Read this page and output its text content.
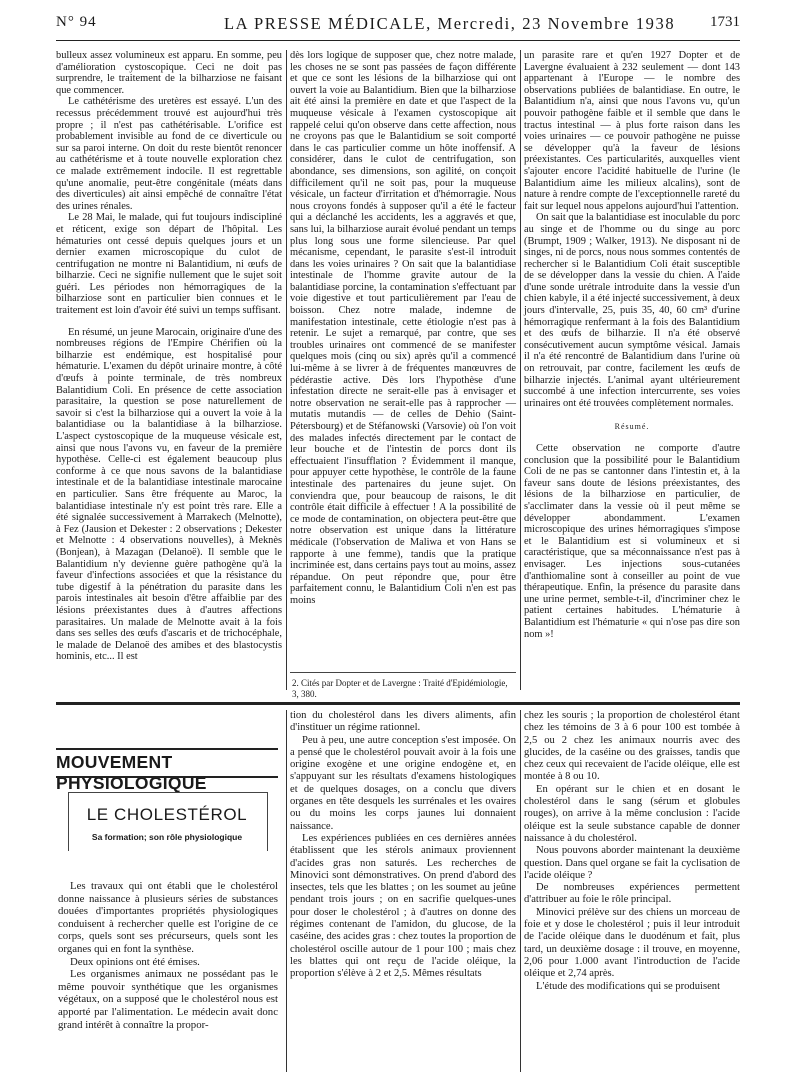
N° 94	LA PRESSE MÉDICALE, Mercredi, 23 Novembre 1938 1731

bulleux assez volumineux est apparu. En somme, peu d'amélioration cystoscopique. Ceci ne doit pas surprendre, le traitement de la bilharziose ne faisant que commencer.

Le cathétérisme des uretères est essayé. L'un des recessus précédemment trouvé est aujourd'hui très propre ; il n'est pas cathétérisable. L'orifice est probablement invisible au fond de ce diverticule ou sur sa paroi interne. On doit du reste bientôt renoncer au cathétérisme et à toute nouvelle exploration chez ce malade extrêmement indocile. Il est regrettable qu'une anomalie, peut-être congénitale (méats dans des diverticules) ait ainsi empêché de connaître l'état des urines rénales.

Le 28 Mai, le malade, qui fut toujours indiscipliné et réticent, exige son départ de l'hôpital. Les hématuries ont cessé depuis quelques jours et un dernier examen microscopique du culot de centrifugation ne montre ni Balantidium, ni œufs de bilharzie. Ceci ne signifie nullement que le sujet soit guéri. Les périodes non hémorragiques de la bilharziose sont en particulier bien connues et le traitement est loin d'avoir été suivi un temps suffisant.

En résumé, un jeune Marocain, originaire d'une des nombreuses régions de l'Empire Chérifien où la bilharzie est endémique, est hospitalisé pour hématurie. L'examen du dépôt urinaire montre, à côté d'œufs à pointe terminale, de très nombreux Balantidium Coli. En présence de cette association parasitaire, la question se pose naturellement de savoir si c'est la bilharziose qui a ouvert la voie à la balantidiase ou la balantidiase à la bilharziose. L'aspect cystoscopique de la muqueuse vésicale est, ainsi que nous l'avons vu, en faveur de la première hypothèse. Celle-ci est également beaucoup plus conforme à ce que nous savons de la balantidiase intestinale et de la balantidiase intestinale marocaine en particulier. Sans être fréquente au Maroc, la balantidiase intestinale n'y est point très rare. Elle a été signalée successivement à Marrakech (Melnotte), à Fez (Jausion et Dekester : 2 observations ; Dekester et Melnotte : 4 observations nouvelles), à Meknès (Bonjean), à Mazagan (Delanoë). Il semble que le Balantidium n'y devienne guère pathogène qu'à la faveur d'infections associées et que la résistance du tube digestif à la pénétration du parasite dans les parois intestinales ait besoin d'être affaiblie par des lésions préexistantes dues à d'autres affections parasitaires. Un malade de Melnotte avait à la fois dans ses selles des œufs d'ascaris et de trichocéphale, le malade de Delanoë des amibes et des blastocystis hominis, etc... Il est

dès lors logique de supposer que, chez notre malade, les choses ne se sont pas passées de façon différente et que ce sont les lésions de la bilharziose qui ont ouvert la voie au Balantidium. Bien que la bilharziose ait été ainsi la première en date et que l'aspect de la muqueuse vésicale à l'examen cystoscopique ait rappelé celui qu'on observe dans cette affection, nous ne croyons pas que le Balantidium se soit comporté dans le cas particulier comme un hôte inoffensif. A considérer, dans le culot de centrifugation, son abondance, ses dimensions, son agilité, on conçoit difficilement qu'il ne soit pas, pour la muqueuse vésicale, un facteur d'irritation et d'hémorragie. Nous nous croyons fondés à supposer qu'il a été le facteur qui a déclanché les accidents, les a aggravés et que, sans lui, la bilharziose aurait évolué pendant un temps plus long sous une forme silencieuse. Par quel mécanisme, cependant, le parasite s'est-il introduit dans les voies urinaires ? On sait que la balantidiase intestinale de l'homme gravite autour de la balantidiase porcine, la contamination s'effectuant par voie digestive et tout particulièrement par l'eau de boisson. Chez notre malade, indemne de manifestation intestinale, cette étiologie n'est pas à retenir. Le sujet a remarqué, par contre, que ses troubles urinaires ont commencé de se manifester quelques mois (cinq ou six) après qu'il a commencé lui-même à se livrer à de fréquentes manœuvres de pédérastie active. Dès lors l'hypothèse d'une infestation directe ne serait-elle pas à envisager et notre observation ne serait-elle pas à rapprocher — mutatis mutandis — de celles de Dehio (Saint-Pétersbourg) et de Stéfanowski (Varsovie) où l'on voit des malades infectés directement par le contact de leur bouche et de l'intestin de porcs dont ils effectuaient l'insufflation ? Évidemment il manque, pour appuyer cette hypothèse, le contrôle de la faune intestinale des partenaires du jeune sujet. On conviendra que, pour beaucoup de raisons, le dit contrôle était difficile à effectuer ! A la possibilité de ce mode de contamination, on objectera peut-être que notre observation est unique dans la littérature médicale (l'observation de Maliwa et von Hans se rapporte à une femme), tandis que la pratique incriminée est, dans certains pays tout au moins, assez répandue. On peut répondre que, pour être parfaitement connu, le Balantidium Coli n'en est pas moins

un parasite rare et qu'en 1927 Dopter et de Lavergne évaluaient à 232 seulement — dont 143 appartenant à l'Europe — le nombre des observations publiées de balantidiase. En outre, le Balantidium n'a, ainsi que nous l'avons vu, qu'un pouvoir pathogène faible et il semble que dans le tractus intestinal — à plus forte raison dans les voies urinaires — ce pouvoir pathogène ne puisse se développer qu'à la faveur de lésions préexistantes. Ces particularités, auxquelles vient s'ajouter encore l'acidité habituelle de l'urine (le Balantidium aime les milieux alcalins), sont de nature à rendre compte de l'exceptionnelle rareté du fait sur lequel nous appelons aujourd'hui l'attention.

On sait que la balantidiase est inoculable du porc au singe et de l'homme ou du singe au porc (Brumpt, 1909 ; Walker, 1913). Ne disposant ni de singes, ni de porcs, nous nous sommes contentés de rechercher si le Balantidium Coli était susceptible de se développer dans la vessie du chien. A l'aide d'une sonde urétrale introduite dans la vessie d'un chien kabyle, il a été injecté successivement, à deux jours d'intervalle, 25, puis 35, 40, 60 cm³ d'urine hémorragique renfermant à la fois des Balantidium et des œufs de bilharzie. Il n'a été observé consécutivement aucun symptôme vésical. Jamais il n'a été rencontré de Balantidium dans l'urine où on retrouvait, par contre, facilement les œufs de bilharzie injectés. L'animal ayant ultérieurement succombé à une infection intercurrente, ses voies urinaires ont été trouvées complètement normales.

Résumé.

Cette observation ne comporte d'autre conclusion que la possibilité pour le Balantidium Coli de ne pas se cantonner dans l'intestin et, à la faveur sans doute de lésions préexistantes, des lésions de la bilharziose en particulier, de s'acclimater dans la vessie où il peut même se développer abondamment. L'examen microscopique des urines hémorragiques s'impose et le Balantidium est si volumineux et si caractéristique, que sa méconnaissance n'est pas à envisager. Les injections sous-cutanées d'anthiomaline sont à conseiller au point de vue thérapeutique. Enfin, la présence du parasite dans une urine permet, semble-t-il, d'incriminer chez le patient certaines habitudes. L'hématurie à Balantidium est l'hématurie « qui n'ose pas dire son nom »!

2. Cités par Dopter et de Lavergne : Traité d'Epidémiologie, 3, 380.
MOUVEMENT PHYSIOLOGIQUE
LE CHOLESTÉROL
Sa formation; son rôle physiologique

Les travaux qui ont établi que le cholestérol donne naissance à plusieurs séries de substances douées d'importantes propriétés physiologiques conduisent à rechercher quelle est l'origine de ce corps, quels sont ses précurseurs, quels sont les organes qui en font la synthèse.

Deux opinions ont été émises.

Les organismes animaux ne possédant pas le même pouvoir synthétique que les organismes végétaux, on a supposé que le cholestérol nous est apporté par l'alimentation. Le médecin avait donc grand intérêt à connaître la propor-

tion du cholestérol dans les divers aliments, afin d'instituer un régime rationnel.

Peu à peu, une autre conception s'est imposée. On a pensé que le cholestérol pouvait avoir à la fois une origine exogène et une origine endogène et, en s'appuyant sur les résultats d'examens histologiques et de quelques dosages, on a conclu que divers organes en tête desquels les surrénales et les ovaires ou du moins les corps jaunes lui donnaient naissance.

Les expériences publiées en ces dernières années établissent que les stérols animaux proviennent d'acides gras non saturés. Les recherches de Minovici sont démonstratives. On prend d'abord des insectes, tels que les blattes ; on les soumet au jeûne pendant trois jours ; on en sacrifie quelques-unes pour doser le cholestérol ; à d'autres on donne des régimes contenant de l'amidon, du glucose, de la caséine, des acides gras : chez toutes la proportion de cholestérol oscille autour de 1 pour 100 ; mais chez les blattes qui ont reçu de l'acide oléique, la proportion s'élève à 2 et 2,5. Mêmes résultats

chez les souris ; la proportion de cholestérol étant chez les témoins de 3 à 6 pour 100 est tombée à 2,5 ou 2 chez les animaux nourris avec des glucides, de la caséine ou des graisses, tandis que chez ceux qui recevaient de l'acide oléique, elle est montée à 8 ou 10.

En opérant sur le chien et en dosant le cholestérol dans le sang (sérum et globules rouges), on arrive à la même conclusion : l'acide oléique est la seule substance capable de donner naissance à du cholestérol.

Nous pouvons aborder maintenant la deuxième question. Dans quel organe se fait la cyclisation de l'acide oléique ?

De nombreuses expériences permettent d'attribuer au foie le rôle principal.

Minovici prélève sur des chiens un morceau de foie et y dose le cholestérol ; puis il leur introduit de l'acide oléique dans le duodénum et fait, plus tard, un deuxième dosage : il trouve, en moyenne, 2,06 pour 1.000 avant l'introduction de l'acide oléique et 2,74 après.

L'étude des modifications qui se produisent
